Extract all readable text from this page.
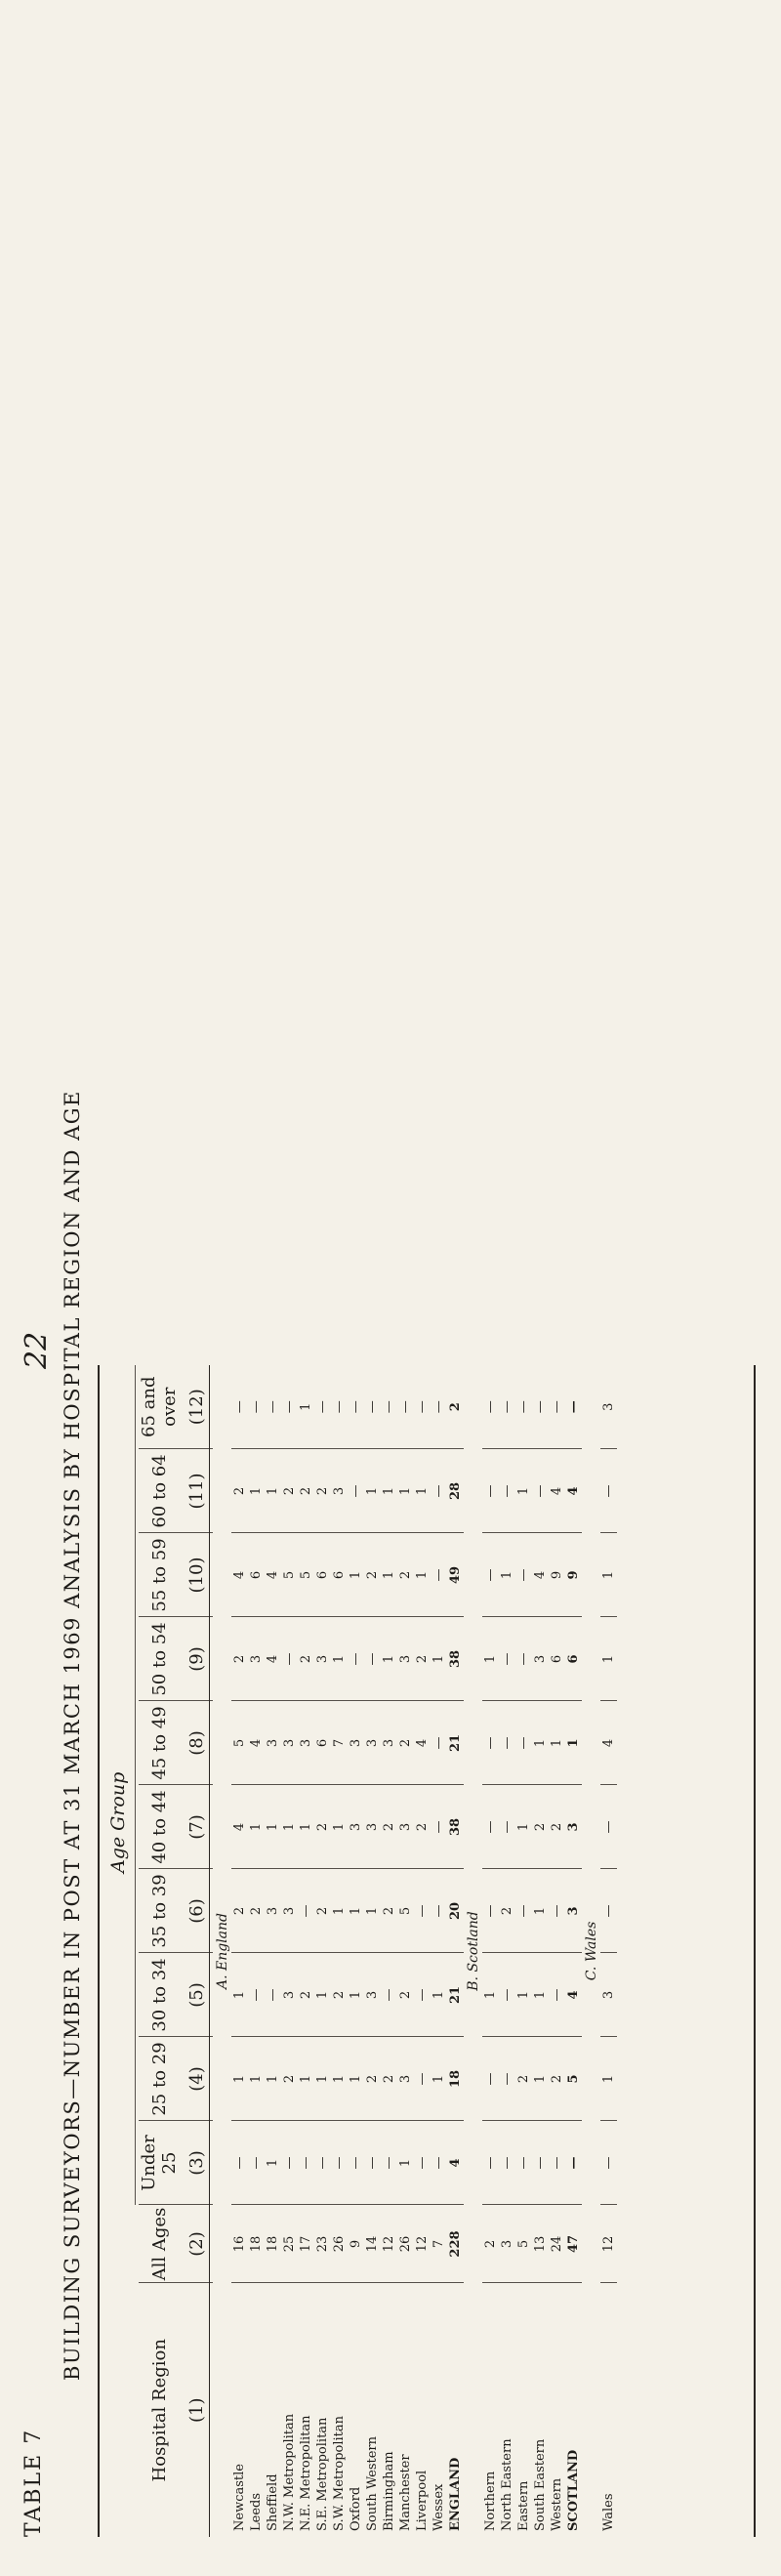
TABLE 7
22 BUILDING SURVEYORS—NUMBER IN POST AT 31 MARCH 1969 ANALYSIS BY HOSPITAL REGION AND AGE Age Group
Hospital Region	All Ages	Under 25	25 to 29	30 to 34	35 to 39	40 to 44	45 to 49	50 to 54	55 to 59	60 to 64	65 and over
(1)	(2)	(3)	(4)	(5)	(6)	(7)	(8)	(9)	(10)	(11)	(12)
A. England											
Newcastle	16	—	1	1	2	4	5	2	4	2	—
Leeds	18	—	1	—	2	1	4	3	6	1	—
Sheffield	18	1	1	—	3	1	3	4	4	1	—
N.W. Metropolitan	25	—	2	3	3	1	3	—	5	2	—
N.E. Metropolitan	17	—	1	2	—	1	3	2	5	2	1
S.E. Metropolitan	23	—	1	1	2	2	6	3	6	2	—
S.W. Metropolitan	26	—	1	2	1	1	7	1	6	3	—
Oxford	9	—	1	1	1	3	3	—	1	—	—
South Western	14	—	2	3	1	3	3	—	2	1	—
Birmingham	12	—	2	—	2	2	3	1	1	1	—
Manchester	26	1	3	2	5	3	2	3	2	1	—
Liverpool	12	—	—	—	—	2	4	2	1	1	—
Wessex	7	—	1	1	—	—	—	1	—	—	—
ENGLAND	228	4	18	21	20	38	21	38	49	28	2
B. Scotland											
Northern	2	—	—	1	—	—	—	1	—	—	—
North Eastern	3	—	—	—	2	—	—	—	1	—	—
Eastern	5	—	2	1	—	1	—	—	—	1	—
South Eastern	13	—	1	1	1	2	1	3	4	—	—
Western	24	—	2	—	—	2	1	6	9	4	—
SCOTLAND	47	—	5	4	3	3	1	6	9	4	—
C. Wales											
Wales	12	—	1	3	—	—	4	1	1	—	3
